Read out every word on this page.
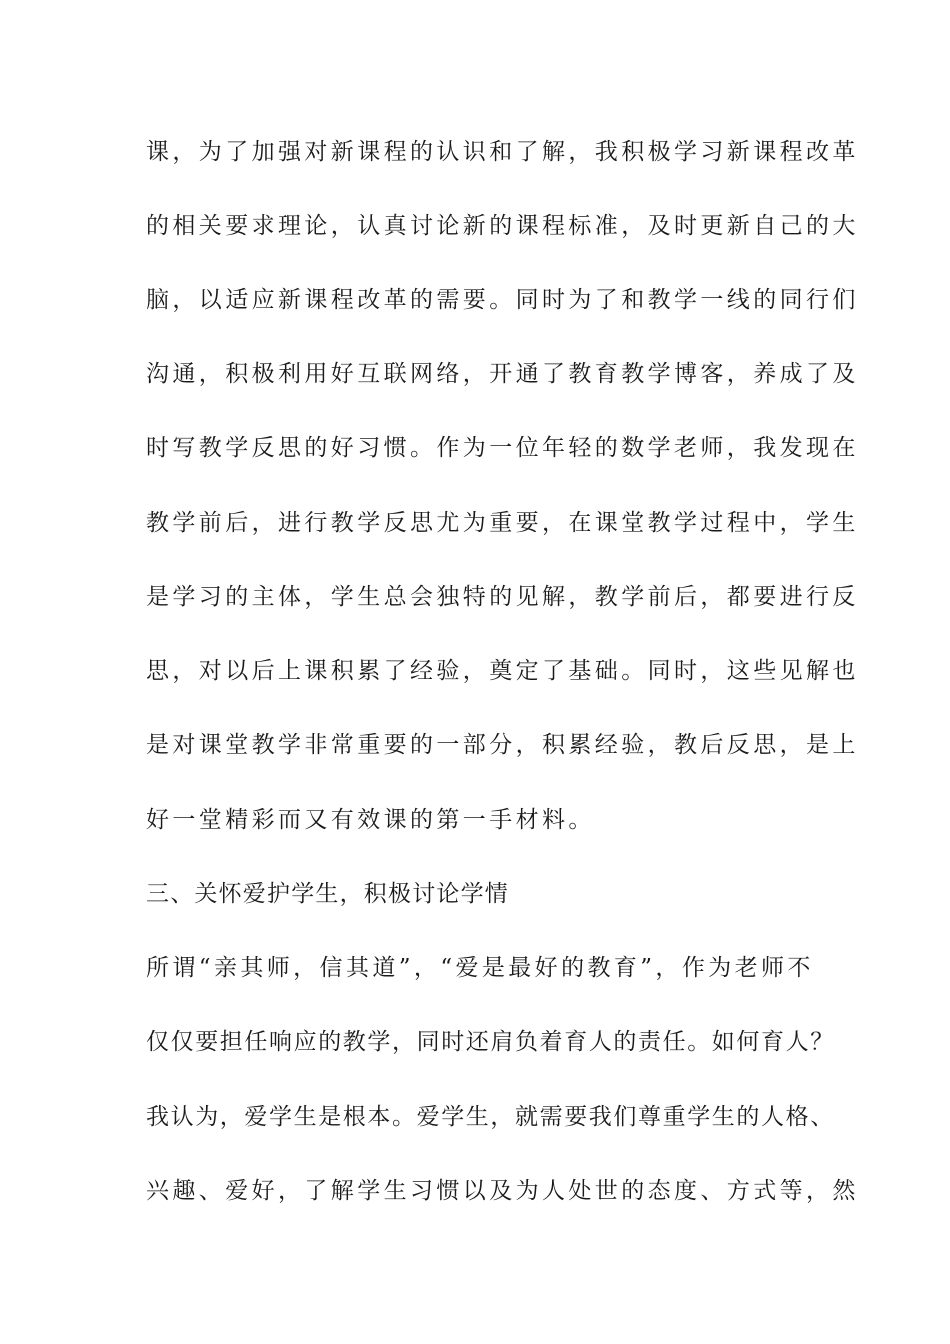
课，为了加强对新课程的认识和了解，我积极学习新课程改革
的相关要求理论，认真讨论新的课程标准，及时更新自己的大
脑，以适应新课程改革的需要。同时为了和教学一线的同行们
沟通，积极利用好互联网络，开通了教育教学博客，养成了及
时写教学反思的好习惯。作为一位年轻的数学老师，我发现在
教学前后，进行教学反思尤为重要，在课堂教学过程中，学生
是学习的主体，学生总会独特的见解，教学前后，都要进行反
思，对以后上课积累了经验，奠定了基础。同时，这些见解也
是对课堂教学非常重要的一部分，积累经验，教后反思，是上
好一堂精彩而又有效课的第一手材料。
三、关怀爱护学生，积极讨论学情
所谓“亲其师，信其道”，“爱是最好的教育”，作为老师不
仅仅要担任响应的教学，同时还肩负着育人的责任。如何育人？
我认为，爱学生是根本。爱学生，就需要我们尊重学生的人格、
兴趣、爱好，了解学生习惯以及为人处世的态度、方式等，然
